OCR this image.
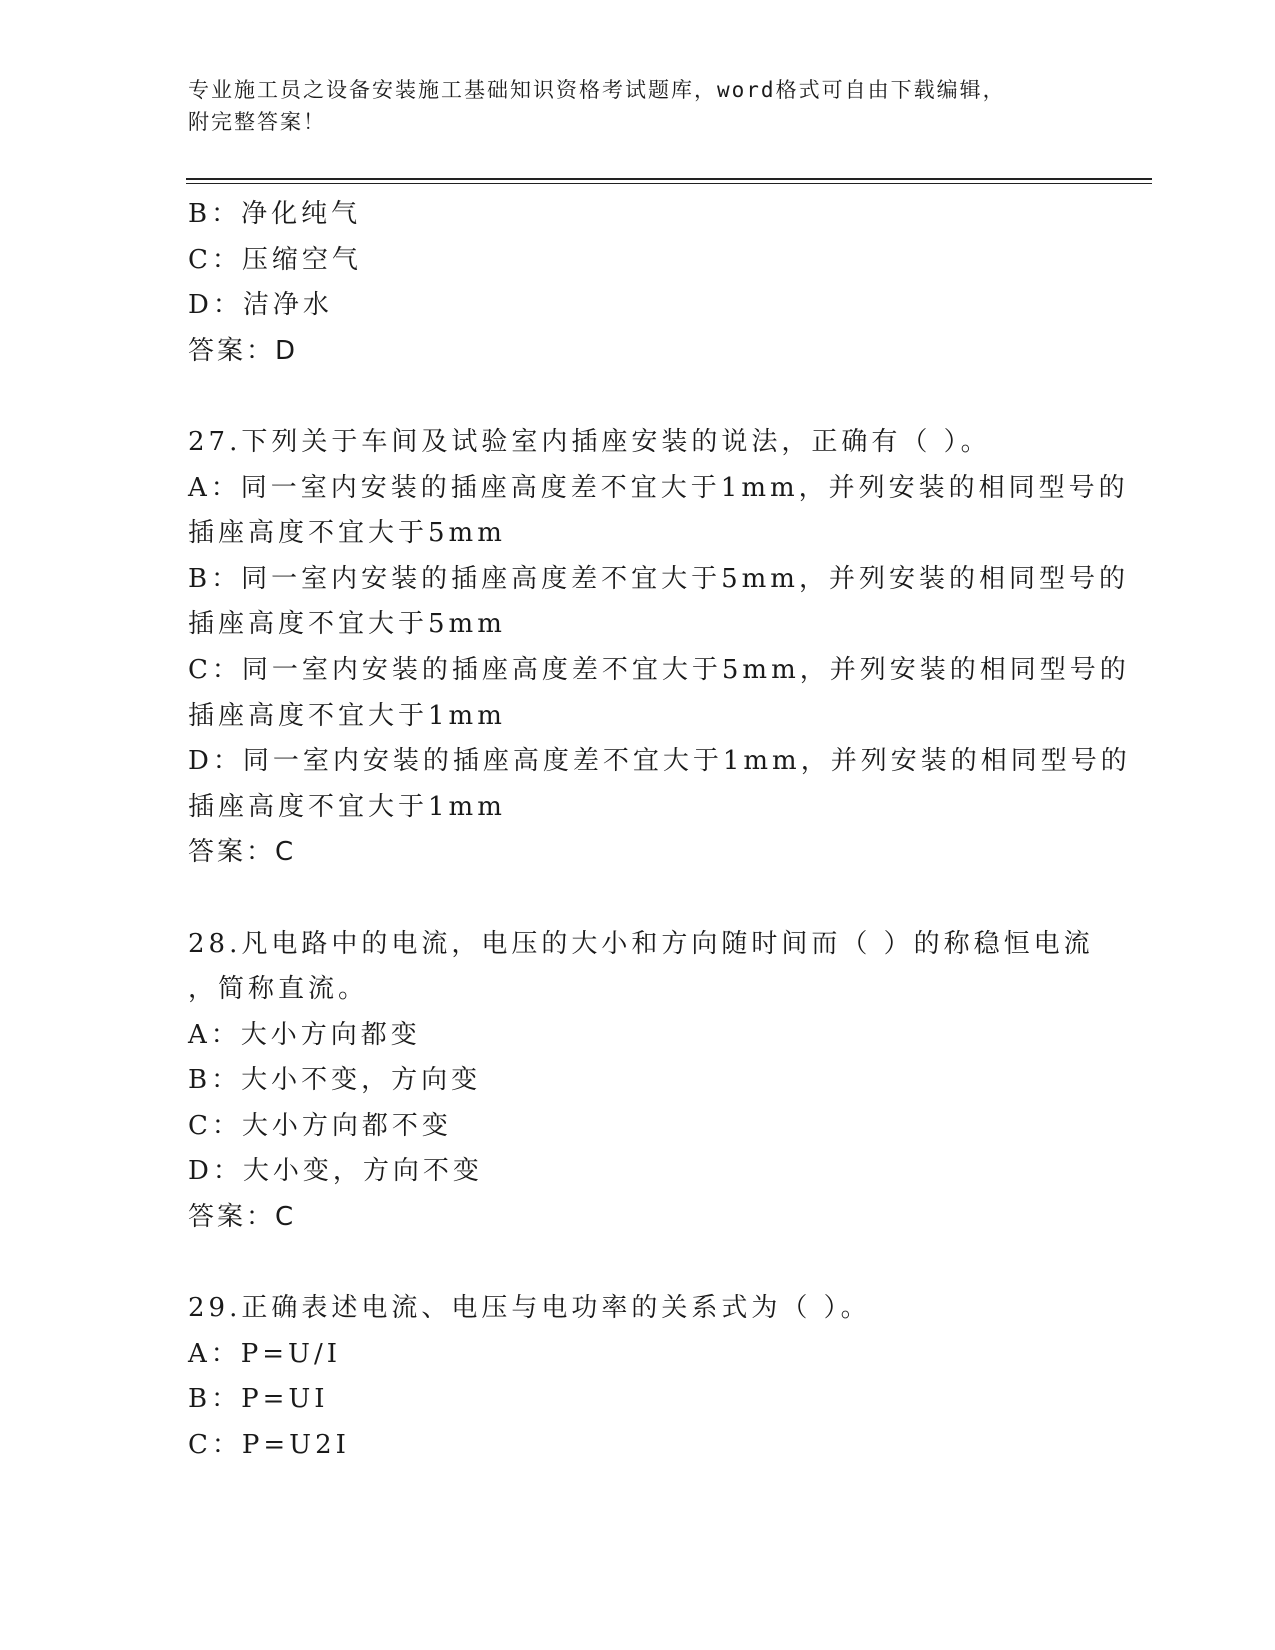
专业施工员之设备安装施工基础知识资格考试题库，word格式可自由下载编辑，
附完整答案！
B：净化纯气
C：压缩空气
D：洁净水
答案：D
27.下列关于车间及试验室内插座安装的说法，正确有（ ）。
A：同一室内安装的插座高度差不宜大于1mm，并列安装的相同型号的
插座高度不宜大于5mm
B：同一室内安装的插座高度差不宜大于5mm，并列安装的相同型号的
插座高度不宜大于5mm
C：同一室内安装的插座高度差不宜大于5mm，并列安装的相同型号的
插座高度不宜大于1mm
D：同一室内安装的插座高度差不宜大于1mm，并列安装的相同型号的
插座高度不宜大于1mm
答案：C
28.凡电路中的电流，电压的大小和方向随时间而（ ）的称稳恒电流
，简称直流。
A：大小方向都变
B：大小不变，方向变
C：大小方向都不变
D：大小变，方向不变
答案：C
29.正确表述电流、电压与电功率的关系式为（ ）。
A：P=U/I
B：P=UI
C：P=U2I
